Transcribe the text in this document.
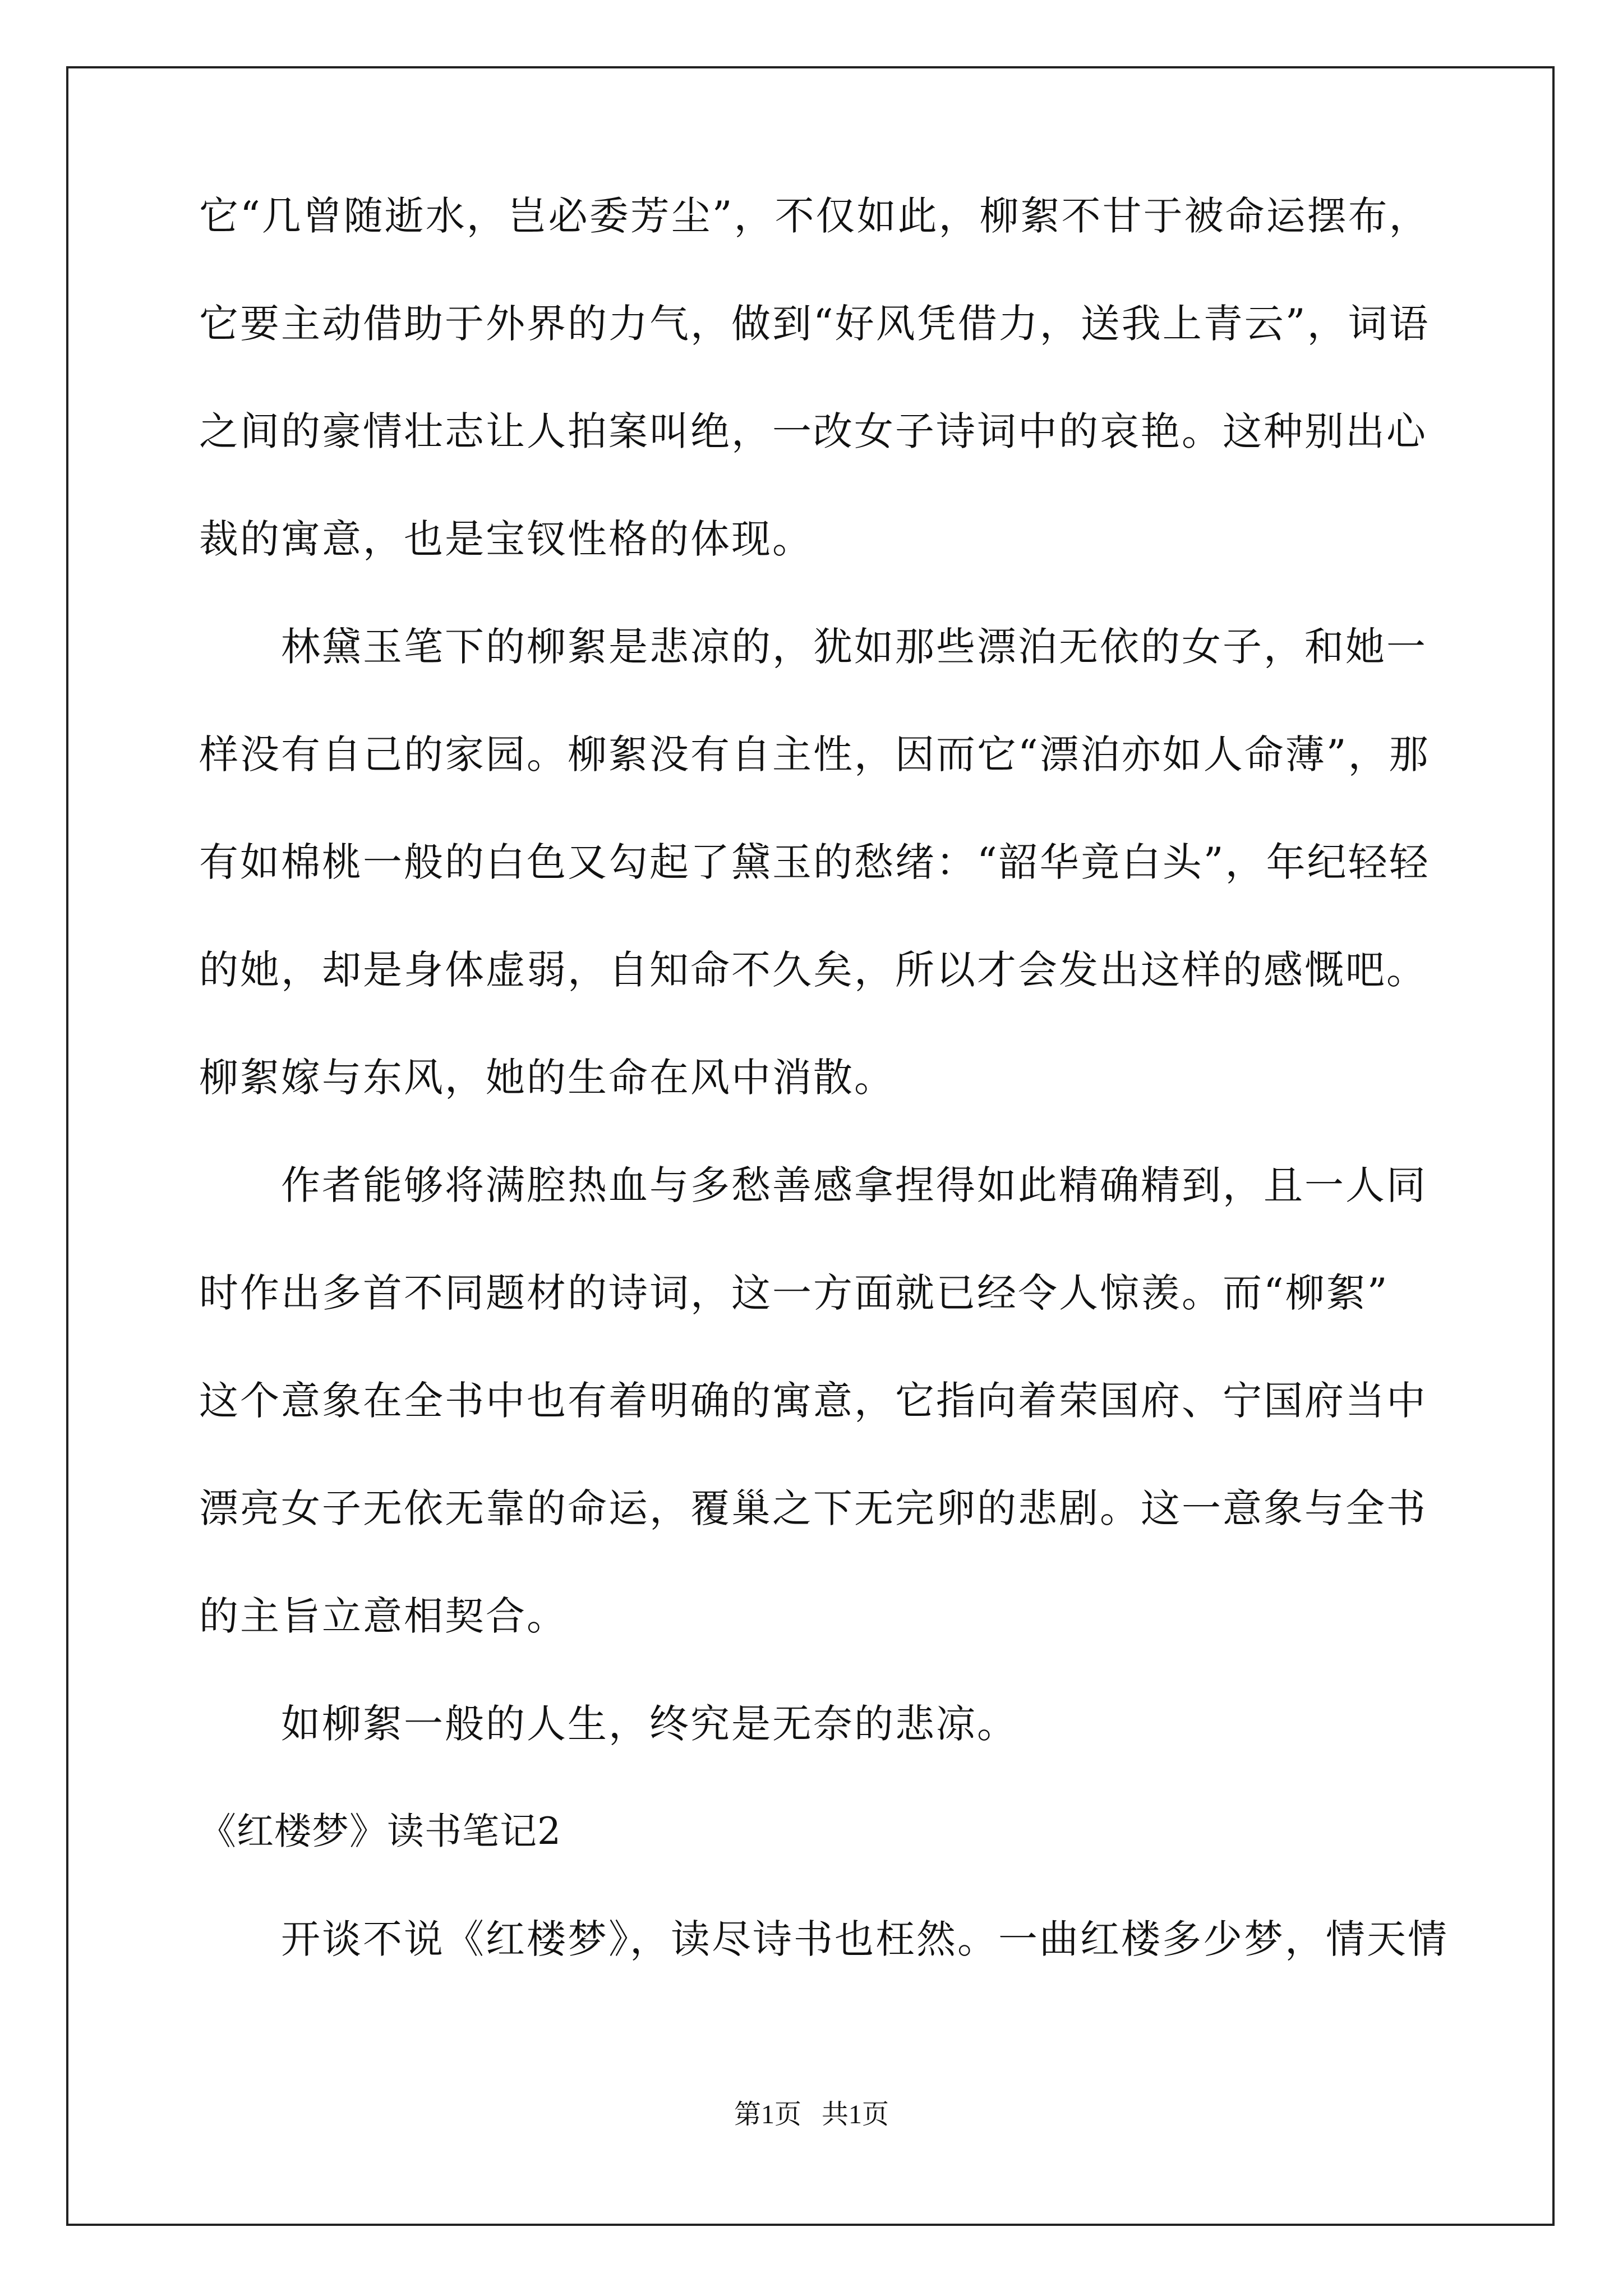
它“几曾随逝水，岂必委芳尘”，不仅如此，柳絮不甘于被命运摆布，
它要主动借助于外界的力气，做到“好风凭借力，送我上青云”，词语
之间的豪情壮志让人拍案叫绝，一改女子诗词中的哀艳。这种别出心
裁的寓意，也是宝钗性格的体现。
林黛玉笔下的柳絮是悲凉的，犹如那些漂泊无依的女子，和她一
样没有自己的家园。柳絮没有自主性，因而它“漂泊亦如人命薄”，那
有如棉桃一般的白色又勾起了黛玉的愁绪：“韶华竟白头”，年纪轻轻
的她，却是身体虚弱，自知命不久矣，所以才会发出这样的感慨吧。
柳絮嫁与东风，她的生命在风中消散。
作者能够将满腔热血与多愁善感拿捏得如此精确精到，且一人同
时作出多首不同题材的诗词，这一方面就已经令人惊羡。而“柳絮”
这个意象在全书中也有着明确的寓意，它指向着荣国府、宁国府当中
漂亮女子无依无靠的命运，覆巢之下无完卵的悲剧。这一意象与全书
的主旨立意相契合。
如柳絮一般的人生，终究是无奈的悲凉。
《红楼梦》读书笔记2
开谈不说《红楼梦》，读尽诗书也枉然。一曲红楼多少梦，情天情
第1页   共1页
